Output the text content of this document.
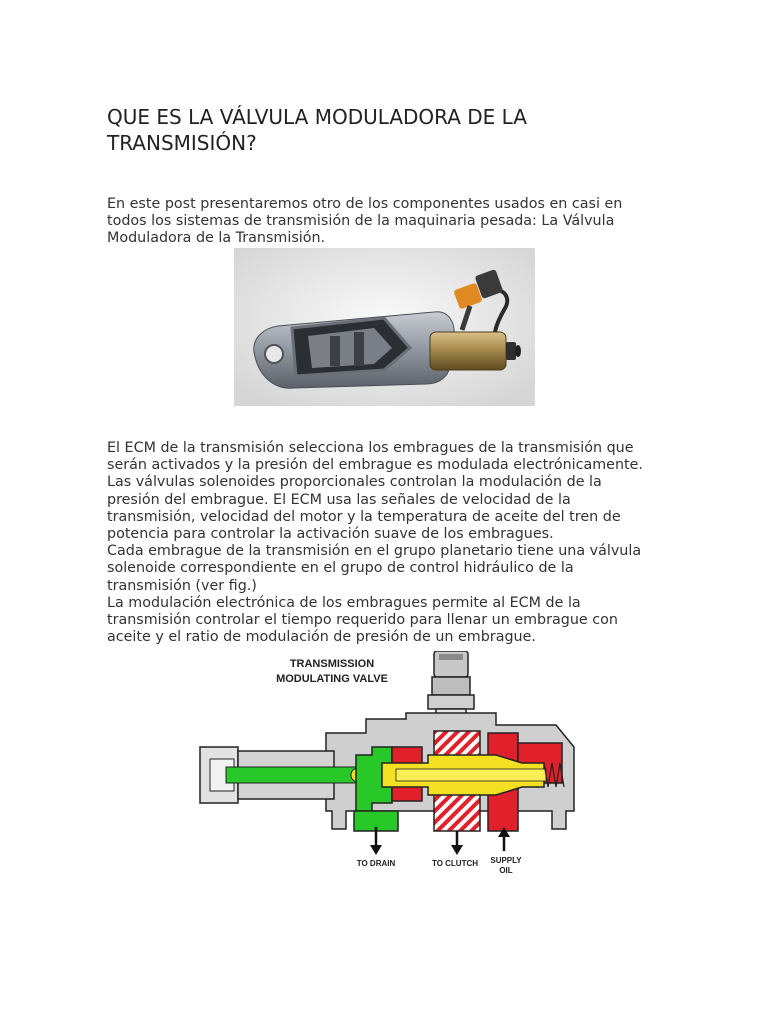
QUE ES LA VÁLVULA MODULADORA DE LA TRANSMISIÓN?

En este post presentaremos otro de los componentes usados en casi en todos los sistemas de transmisión de la maquinaria pesada: La Válvula Moduladora de la Transmisión.

El ECM de la transmisión selecciona los embragues de la transmisión que serán activados y la presión del embrague es modulada electrónicamente. Las válvulas solenoides proporcionales controlan la modulación de la presión del embrague. El ECM usa las señales de velocidad de la transmisión, velocidad del motor y la temperatura de aceite del tren de potencia para controlar la activación suave de los embragues.
Cada embrague de la transmisión en el grupo planetario tiene una válvula solenoide correspondiente en el grupo de control hidráulico de la transmisión (ver fig.)
La modulación electrónica de los embragues permite al ECM de la transmisión controlar el tiempo requerido para llenar un embrague con aceite y el ratio de modulación de presión de un embrague.
TRANSMISSION
MODULATING VALVE
TO DRAIN	TO CLUTCH SUPPLY
OIL
